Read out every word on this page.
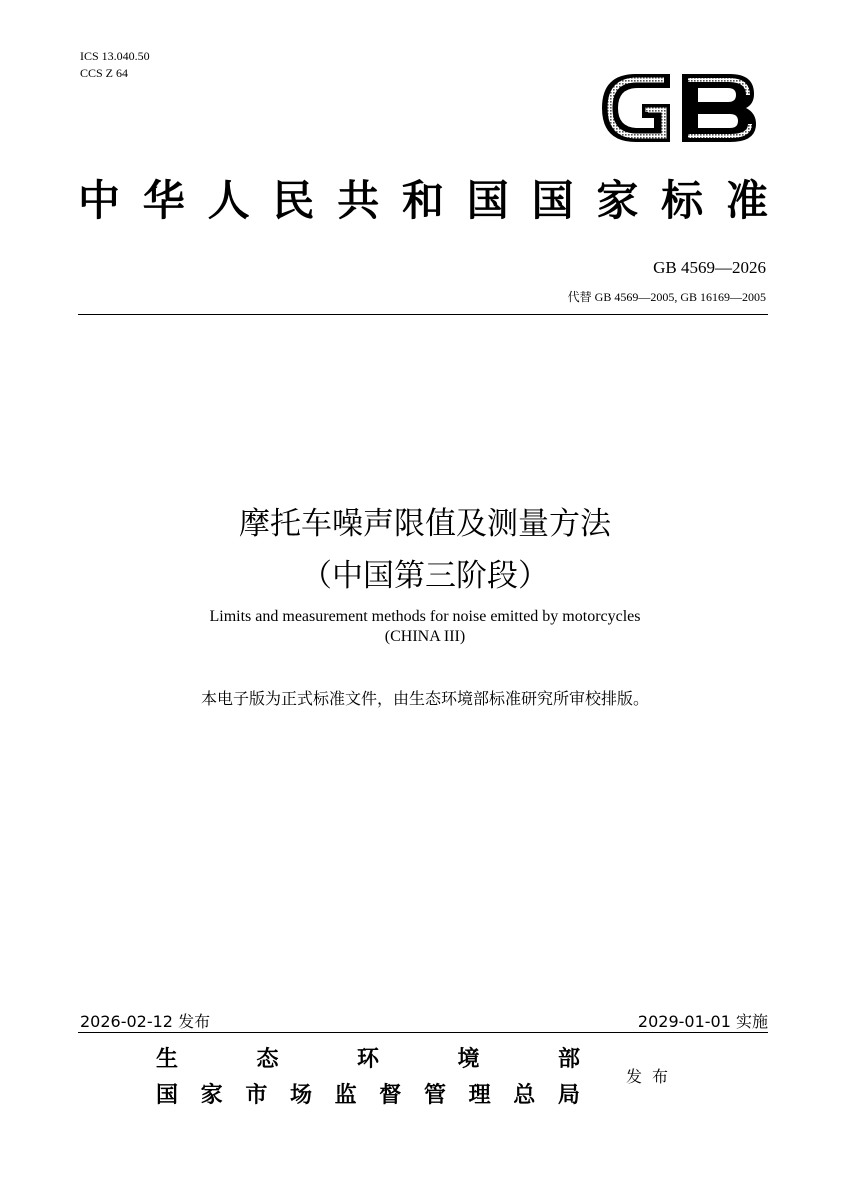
ICS 13.040.50
CCS Z 64
中 华 人 民 共 和 国 国 家 标 准
GB 4569—2026
代替 GB 4569—2005, GB 16169—2005
摩托车噪声限值及测量方法
（中国第三阶段）
Limits and measurement methods for noise emitted by motorcycles
(CHINA III)
本电子版为正式标准文件，由生态环境部标准研究所审校排版。
2026-02-12 发布	2029-01-01 实施
生	态	环	境	部
国 家 市 场 监 督 管 理 总 局
发布
